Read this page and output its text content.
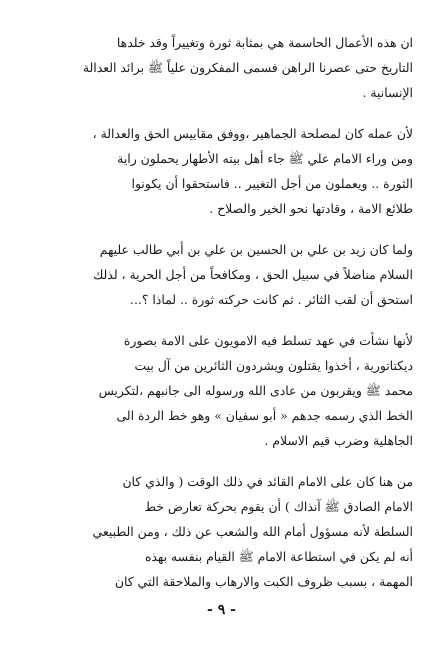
ان هذه الأعمال الحاسمة هي بمثابة ثورة وتغييراً وقد خلدها
التاريخ حتى عصرنا الراهن فسمى المفكرون علياً ﷺ برائد العدالة
الإنسانية .

لأن عمله كان لمصلحة الجماهير ،ووفق مقاييس الحق والعدالة ،
ومن وراء الامام علي ﷺ جاء أهل بيته الأطهار يحملون راية
الثورة .. ويعملون من أجل التغيير .. فاستحقوا أن يكونوا
طلائع الامة ، وقادتها نحو الخير والصلاح .

ولما كان زيد بن علي بن الحسين بن علي بن أبي طالب عليهم
السلام مناضلاً في سبيل الحق ، ومكافحاً من أجل الحرية ، لذلك
استحق أن لقب الثائر . ثم كانت حركته ثورة .. لماذا ؟...

لأنها نشأت في عهد تسلط فيه الامويون على الامة بصورة
ديكتاتورية ، أخذوا يقتلون ويشردون الثائرين من آل بيت
محمد ﷺ ويقربون من عادى الله ورسوله الى جانبهم ،لتكريس
الخط الذي رسمه جدهم « أبو سفيان » وهو خط الردة الى
الجاهلية وضرب قيم الاسلام .

من هنا كان على الامام القائد في ذلك الوقت ( والذي كان
الامام الصادق ﷺ آنذاك ) أن يقوم بحركة تعارض خط
السلطة لأنه مسؤول أمام الله والشعب عن ذلك ، ومن الطبيعي
أنه لم يكن في استطاعة الامام ﷺ القيام بنفسه بهذه
المهمة ، بسبب ظروف الكبت والارهاب والملاحقة التي كان

- ٩ -
